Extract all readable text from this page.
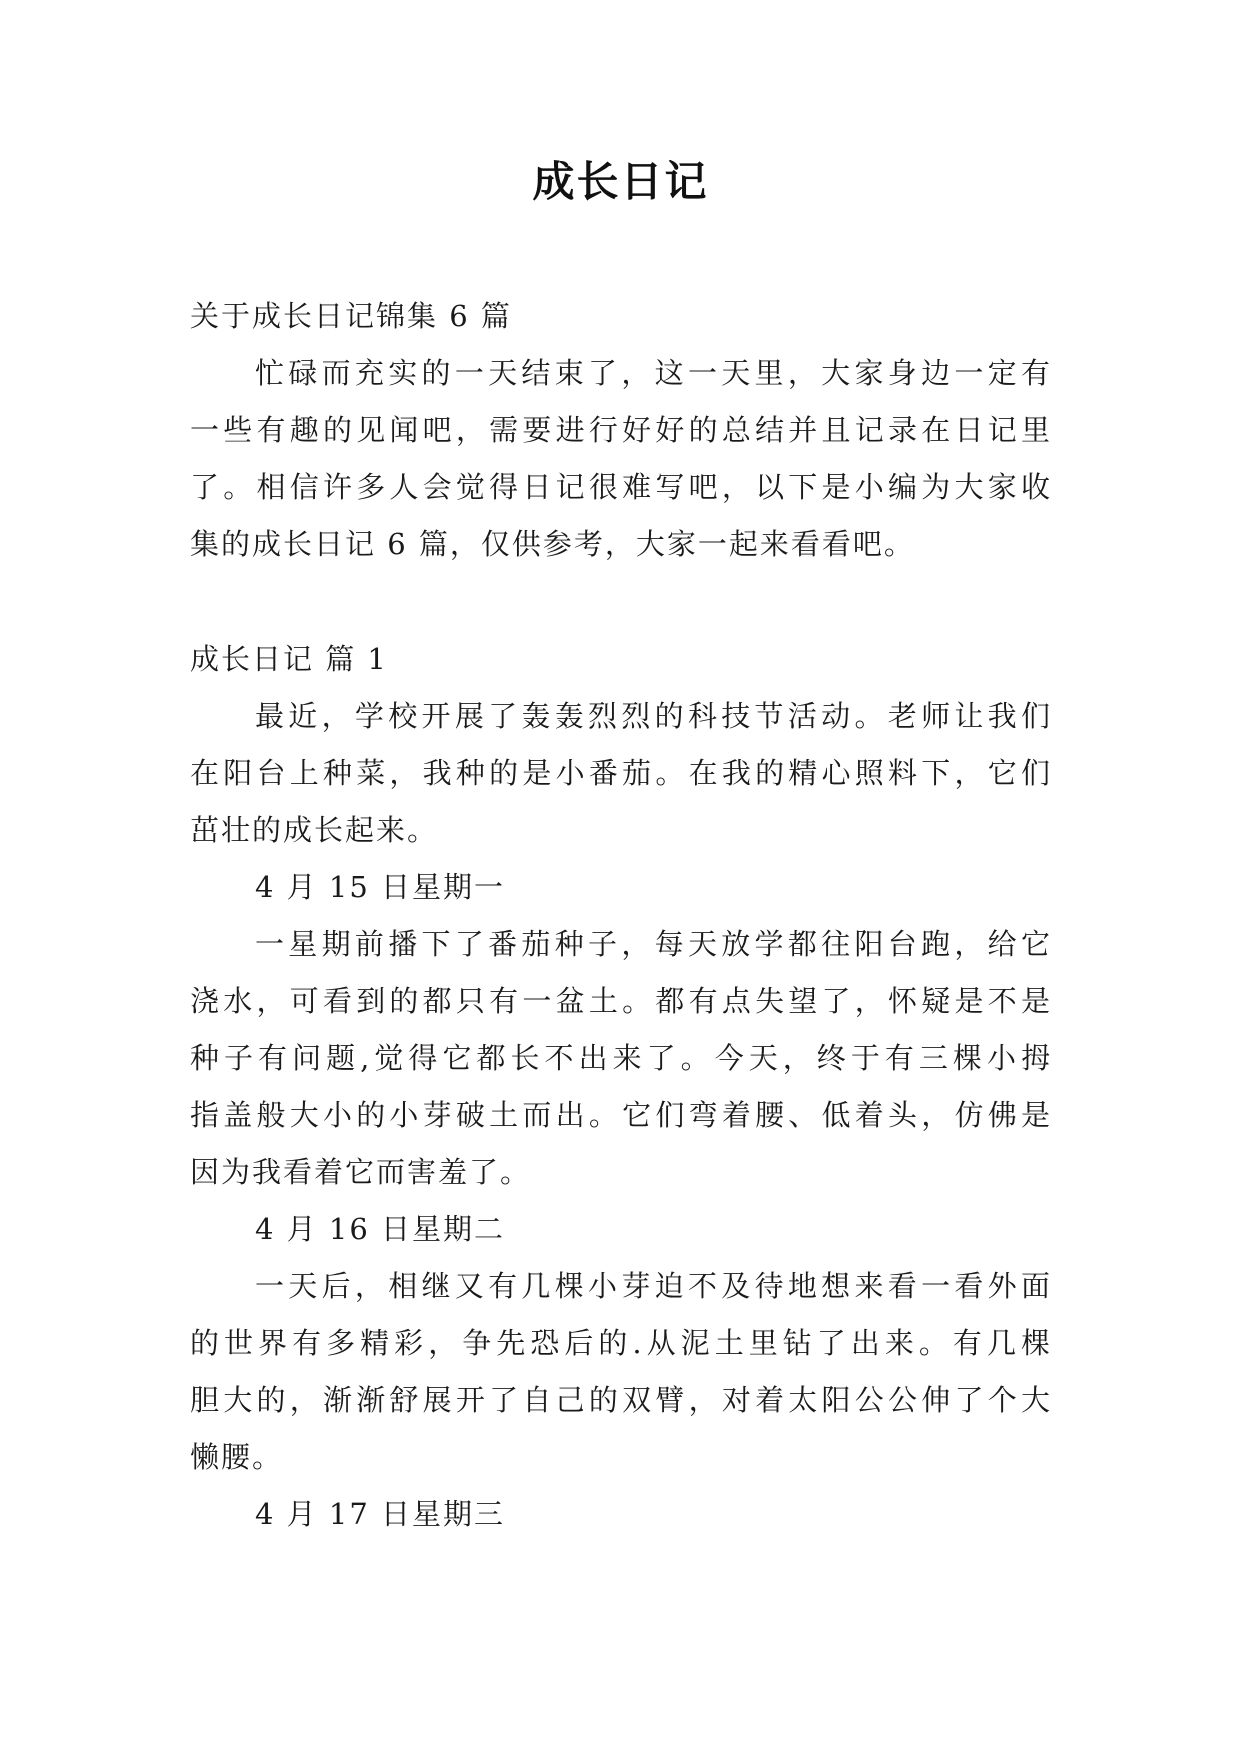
成长日记
关于成长日记锦集 6 篇
忙碌而充实的一天结束了，这一天里，大家身边一定有
一些有趣的见闻吧，需要进行好好的总结并且记录在日记里
了。相信许多人会觉得日记很难写吧，以下是小编为大家收
集的成长日记 6 篇，仅供参考，大家一起来看看吧。
成长日记 篇 1
最近，学校开展了轰轰烈烈的科技节活动。老师让我们
在阳台上种菜，我种的是小番茄。在我的精心照料下，它们
茁壮的成长起来。
4 月 15 日星期一
一星期前播下了番茄种子，每天放学都往阳台跑，给它
浇水，可看到的都只有一盆土。都有点失望了，怀疑是不是
种子有问题,觉得它都长不出来了。今天，终于有三棵小拇
指盖般大小的小芽破土而出。它们弯着腰、低着头，仿佛是
因为我看着它而害羞了。
4 月 16 日星期二
一天后，相继又有几棵小芽迫不及待地想来看一看外面
的世界有多精彩，争先恐后的.从泥土里钻了出来。有几棵
胆大的，渐渐舒展开了自己的双臂，对着太阳公公伸了个大
懒腰。
4 月 17 日星期三
